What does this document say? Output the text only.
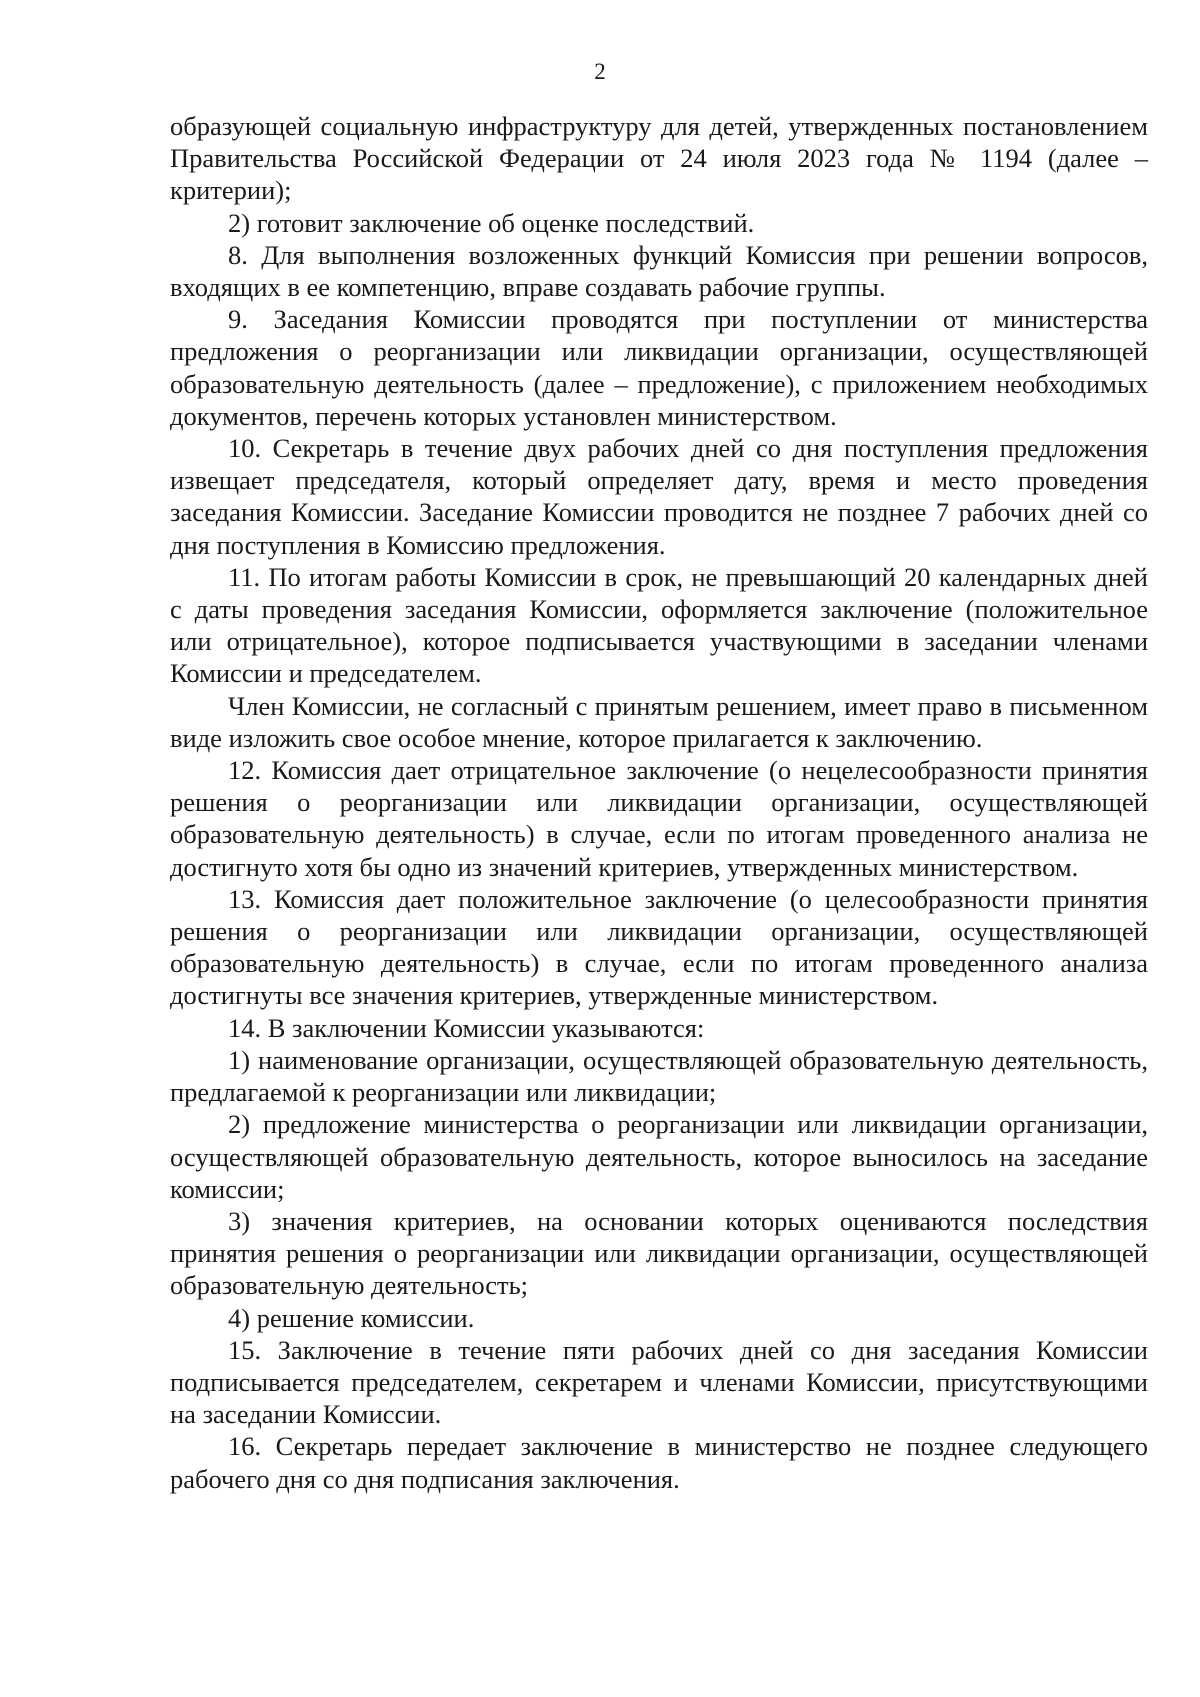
2

образующей социальную инфраструктуру для детей, утвержденных постановлением Правительства Российской Федерации от 24 июля 2023 года № 1194 (далее – критерии);

2) готовит заключение об оценке последствий.

8. Для выполнения возложенных функций Комиссия при решении вопросов, входящих в ее компетенцию, вправе создавать рабочие группы.

9. Заседания Комиссии проводятся при поступлении от министерства предложения о реорганизации или ликвидации организации, осуществляющей образовательную деятельность (далее – предложение), с приложением необходимых документов, перечень которых установлен министерством.

10. Секретарь в течение двух рабочих дней со дня поступления предложения извещает председателя, который определяет дату, время и место проведения заседания Комиссии. Заседание Комиссии проводится не позднее 7 рабочих дней со дня поступления в Комиссию предложения.

11. По итогам работы Комиссии в срок, не превышающий 20 календарных дней с даты проведения заседания Комиссии, оформляется заключение (положительное или отрицательное), которое подписывается участвующими в заседании членами Комиссии и председателем.

Член Комиссии, не согласный с принятым решением, имеет право в письменном виде изложить свое особое мнение, которое прилагается к заключению.

12. Комиссия дает отрицательное заключение (о нецелесообразности принятия решения о реорганизации или ликвидации организации, осуществляющей образовательную деятельность) в случае, если по итогам проведенного анализа не достигнуто хотя бы одно из значений критериев, утвержденных министерством.

13. Комиссия дает положительное заключение (о целесообразности принятия решения о реорганизации или ликвидации организации, осуществляющей образовательную деятельность) в случае, если по итогам проведенного анализа достигнуты все значения критериев, утвержденные министерством.

14. В заключении Комиссии указываются:

1) наименование организации, осуществляющей образовательную деятельность, предлагаемой к реорганизации или ликвидации;

2) предложение министерства о реорганизации или ликвидации организации, осуществляющей образовательную деятельность, которое выносилось на заседание комиссии;

3) значения критериев, на основании которых оцениваются последствия принятия решения о реорганизации или ликвидации организации, осуществляющей образовательную деятельность;

4) решение комиссии.

15. Заключение в течение пяти рабочих дней со дня заседания Комиссии подписывается председателем, секретарем и членами Комиссии, присутствующими на заседании Комиссии.

16. Секретарь передает заключение в министерство не позднее следующего рабочего дня со дня подписания заключения.
